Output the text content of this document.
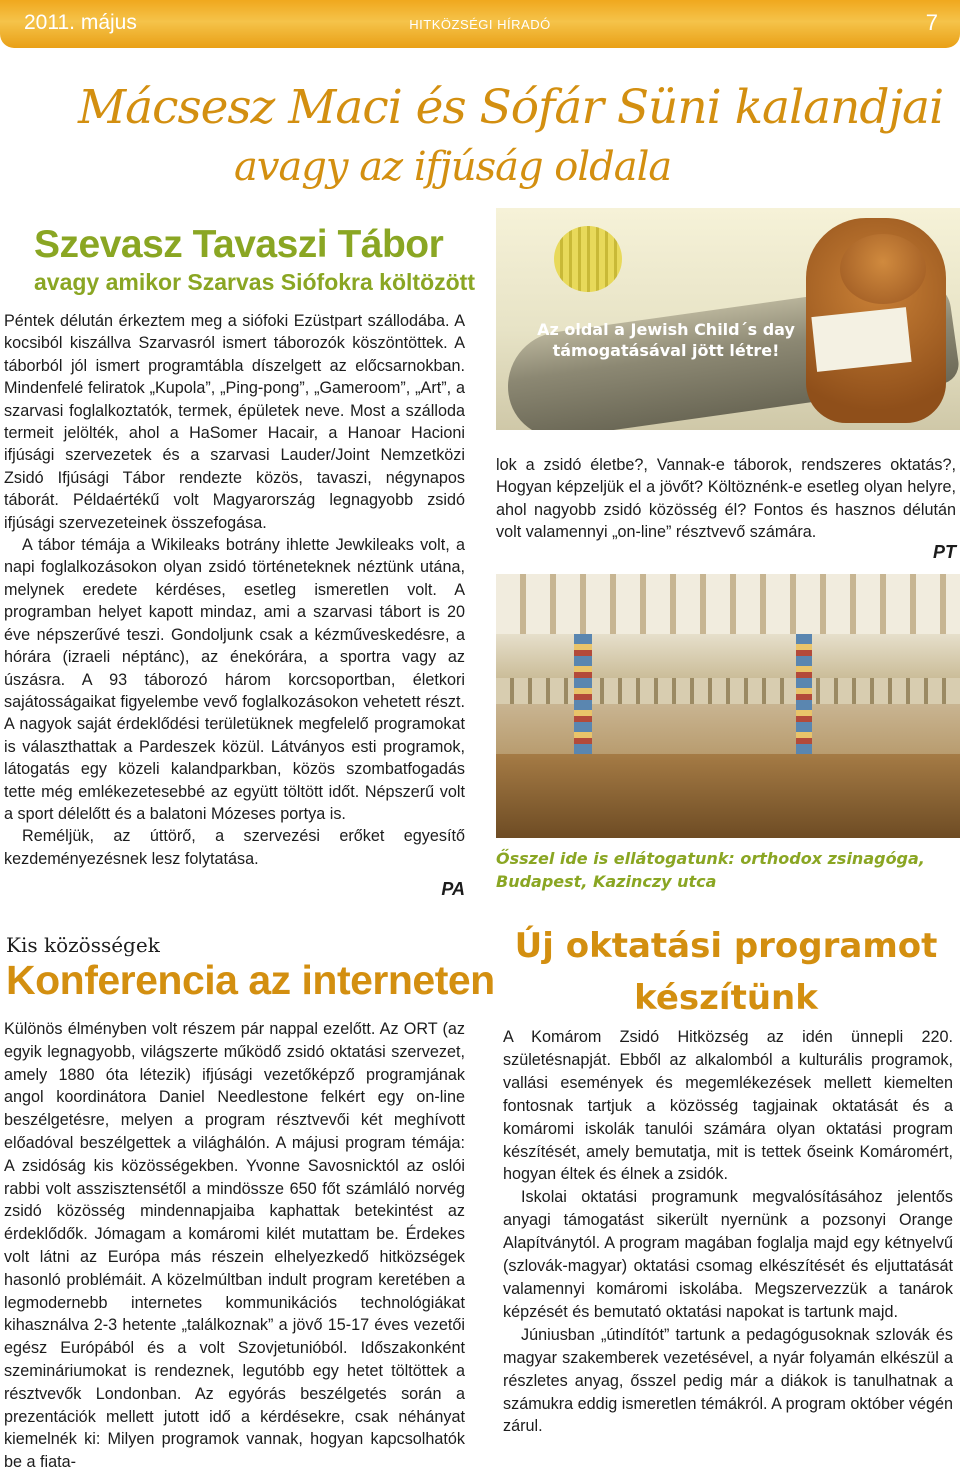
2011. május	HITKÖZSÉGI HÍRADÓ	7
Mácsesz Maci és Sófár Süni kalandjai
avagy az ifjúság oldala
Szevasz Tavaszi Tábor
avagy amikor Szarvas Siófokra költözött

Péntek délután érkeztem meg a siófoki Ezüstpart szállodába. A kocsiból kiszállva Szarvasról ismert táborozók köszöntöttek. A táborból jól ismert programtábla díszelgett az előcsarnokban. Mindenfelé feliratok „Kupola”, „Ping-pong”, „Gameroom”, „Art”, a szarvasi foglalkoztatók, termek, épületek neve. Most a szálloda termeit jelölték, ahol a HaSomer Hacair, a Hanoar Hacioni ifjúsági szervezetek és a szarvasi Lauder/Joint Nemzetközi Zsidó Ifjúsági Tábor rendezte közös, tavaszi, négynapos táborát. Példaértékű volt Magyarország legnagyobb zsidó ifjúsági szervezeteinek összefogása.

A tábor témája a Wikileaks botrány ihlette Jewkileaks volt, a napi foglalkozásokon olyan zsidó történeteknek néztünk utána, melynek eredete kérdéses, esetleg ismeretlen volt. A programban helyet kapott mindaz, ami a szarvasi tábort is 20 éve népszerűvé teszi. Gondoljunk csak a kézműveskedésre, a hórára (izraeli néptánc), az énekórára, a sportra vagy az úszásra. A 93 táborozó három korcsoportban, életkori sajátosságaikat figyelembe vevő foglalkozásokon vehetett részt. A nagyok saját érdeklődési területüknek megfelelő programokat is választhattak a Pardeszek közül. Látványos esti programok, látogatás egy közeli kalandparkban, közös szombatfogadás tette még emlékezetesebbé az együtt töltött időt. Népszerű volt a sport délelőtt és a balatoni Mózeses portya is.

Reméljük, az úttörő, a szervezési erőket egyesítő kezdeményezésnek lesz folytatása.

PA

Az oldal a Jewish Child´s day támogatásával jött létre!

lok a zsidó életbe?, Vannak-e táborok, rendszeres oktatás?, Hogyan képzeljük el a jövőt? Költöznénk-e esetleg olyan helyre, ahol nagyobb zsidó közösség él? Fontos és hasznos délután volt valamennyi „on-line” résztvevő számára.

PT
Ősszel ide is ellátogatunk: orthodox zsinagóga, Budapest, Kazinczy utca
Kis közösségek
Konferencia az interneten

Különös élményben volt részem pár nappal ezelőtt. Az ORT (az egyik legnagyobb, világszerte működő zsidó oktatási szervezet, amely 1880 óta létezik) ifjúsági vezetőképző programjának angol koordinátora Daniel Needlestone felkért egy on-line beszélgetésre, melyen a program résztvevői két meghívott előadóval beszélgettek a világhálón. A májusi program témája: A zsidóság kis közösségekben. Yvonne Savosnicktól az oslói rabbi volt asszisztensétől a mindössze 650 főt számláló norvég zsidó közösség mindennapjaiba kaphattak betekintést az érdeklődők. Jómagam a komáromi kilét mutattam be. Érdekes volt látni az Európa más részein elhelyezkedő hitközségek hasonló problémáit. A közelmúltban indult program keretében a legmodernebb internetes kommunikációs technológiákat kihasználva 2-3 hetente „találkoznak” a jövő 15-17 éves vezetői egész Európából és a volt Szovjetunióból. Időszakonként szemináriumokat is rendeznek, legutóbb egy hetet töltöttek a résztvevők Londonban. Az egyórás beszélgetés során a prezentációk mellett jutott idő a kérdésekre, csak néhányat kiemelnék ki: Milyen programok vannak, hogyan kapcsolhatók be a fiata-

Új oktatási programot készítünk

A Komárom Zsidó Hitközség az idén ünnepli 220. születésnapját. Ebből az alkalomból a kulturális programok, vallási események és megemlékezések mellett kiemelten fontosnak tartjuk a közösség tagjainak oktatását és a komáromi iskolák tanulói számára olyan oktatási program készítését, amely bemutatja, mit is tettek őseink Komáromért, hogyan éltek és élnek a zsidók.

Iskolai oktatási programunk megvalósításához jelentős anyagi támogatást sikerült nyernünk a pozsonyi Orange Alapítványtól. A program magában foglalja majd egy kétnyelvű (szlovák-magyar) oktatási csomag elkészítését és eljuttatását valamennyi komáromi iskolába. Megszervezzük a tanárok képzését és bemutató oktatási napokat is tartunk majd.

Júniusban „útindítót” tartunk a pedagógusoknak szlovák és magyar szakemberek vezetésével, a nyár folyamán elkészül a részletes anyag, ősszel pedig már a diákok is tanulhatnak a számukra eddig ismeretlen témákról. A program október végén zárul.
